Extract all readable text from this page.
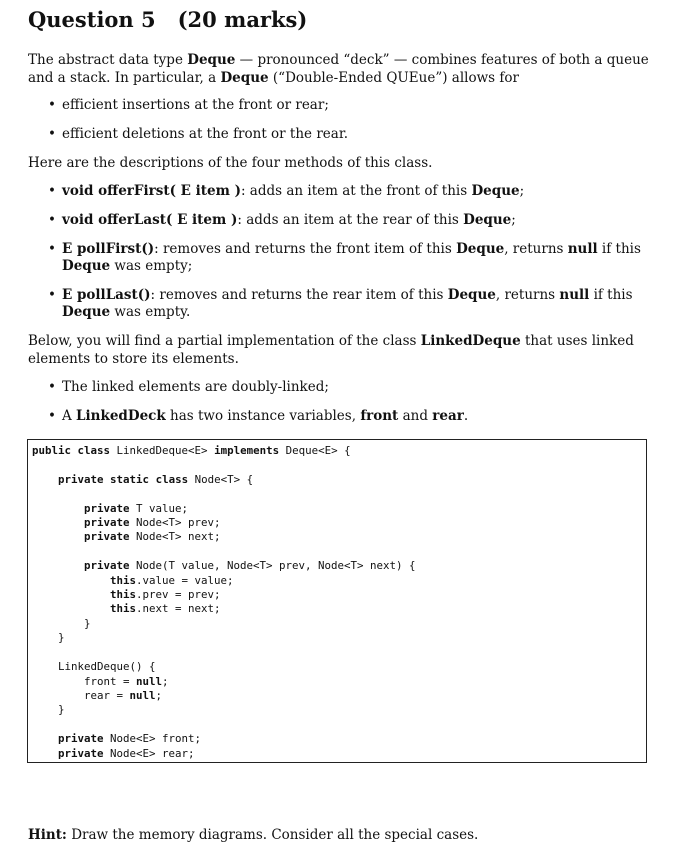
Question 5 (20 marks)

The abstract data type Deque — pronounced “deck” — combines features of both a queue and a stack. In particular, a Deque (“Double-Ended QUEue”) allows for

• efficient insertions at the front or rear;
• efficient deletions at the front or the rear.

Here are the descriptions of the four methods of this class.

• void offerFirst( E item ): adds an item at the front of this Deque;
• void offerLast( E item ): adds an item at the rear of this Deque;
• E pollFirst(): removes and returns the front item of this Deque, returns null if this Deque was empty;
• E pollLast(): removes and returns the rear item of this Deque, returns null if this Deque was empty.

Below, you will find a partial implementation of the class LinkedDeque that uses linked elements to store its elements.

• The linked elements are doubly-linked;
• A LinkedDeck has two instance variables, front and rear.
public class LinkedDeque<E> implements Deque<E> {

private static class Node<T> {

private T value;
private Node<T> prev;
private Node<T> next;

private Node(T value, Node<T> prev, Node<T> next) {
this.value = value;
this.prev = prev;
this.next = next;
}
}

LinkedDeque() {
front = null;
rear = null;
}

private Node<E> front;
private Node<E> rear;

Hint: Draw the memory diagrams. Consider all the special cases.
